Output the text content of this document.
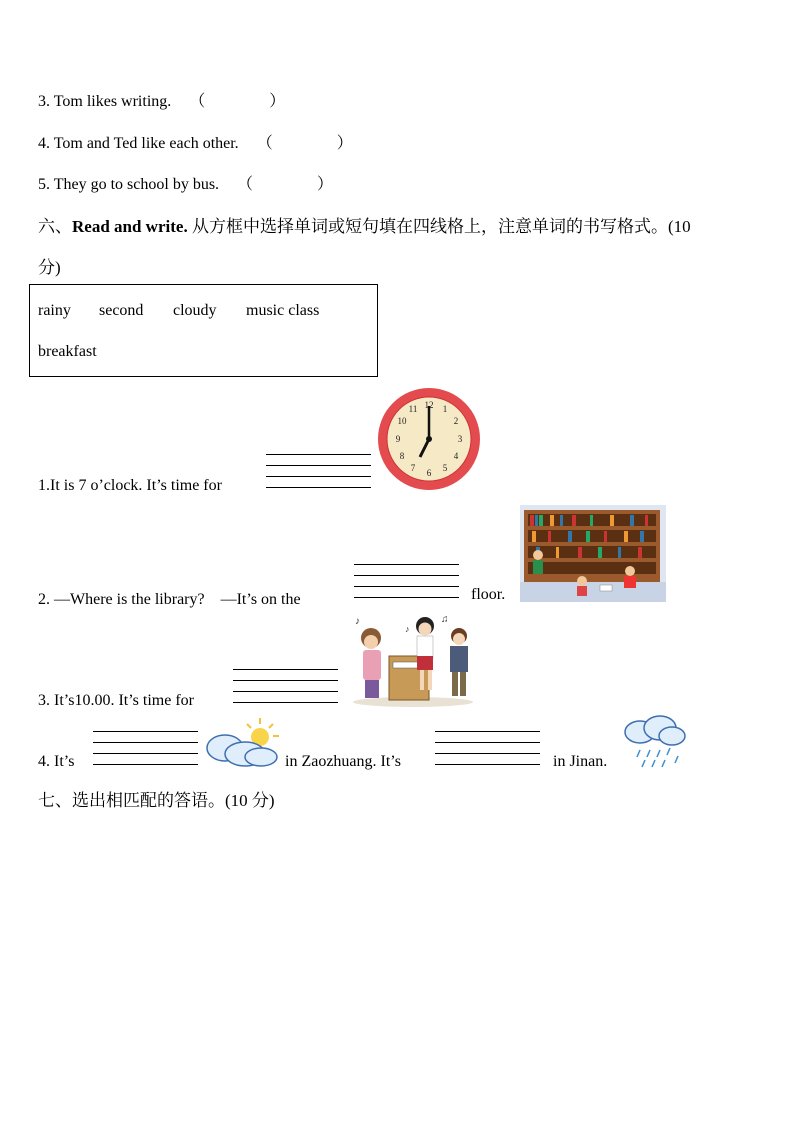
3. Tom likes writing. （　　　　）
4. Tom and Ted like each other. （　　　　）
5. They go to school by bus. （　　　　）
六、Read and write. 从方框中选择单词或短句填在四线格上，注意单词的书写格式。(10
分)
rainy second cloudy music class
breakfast
1.It is 7 o’clock. It’s time for
12 1
2
3
4
5
6
7
8
9
10
11
2. —Where is the library?　—It’s on the	floor.
3. It’s10.00. It’s time for
♪	♫
♪
4. It’s	in Zaozhuang. It’s	in Jinan.
七、选出相匹配的答语。(10 分)
